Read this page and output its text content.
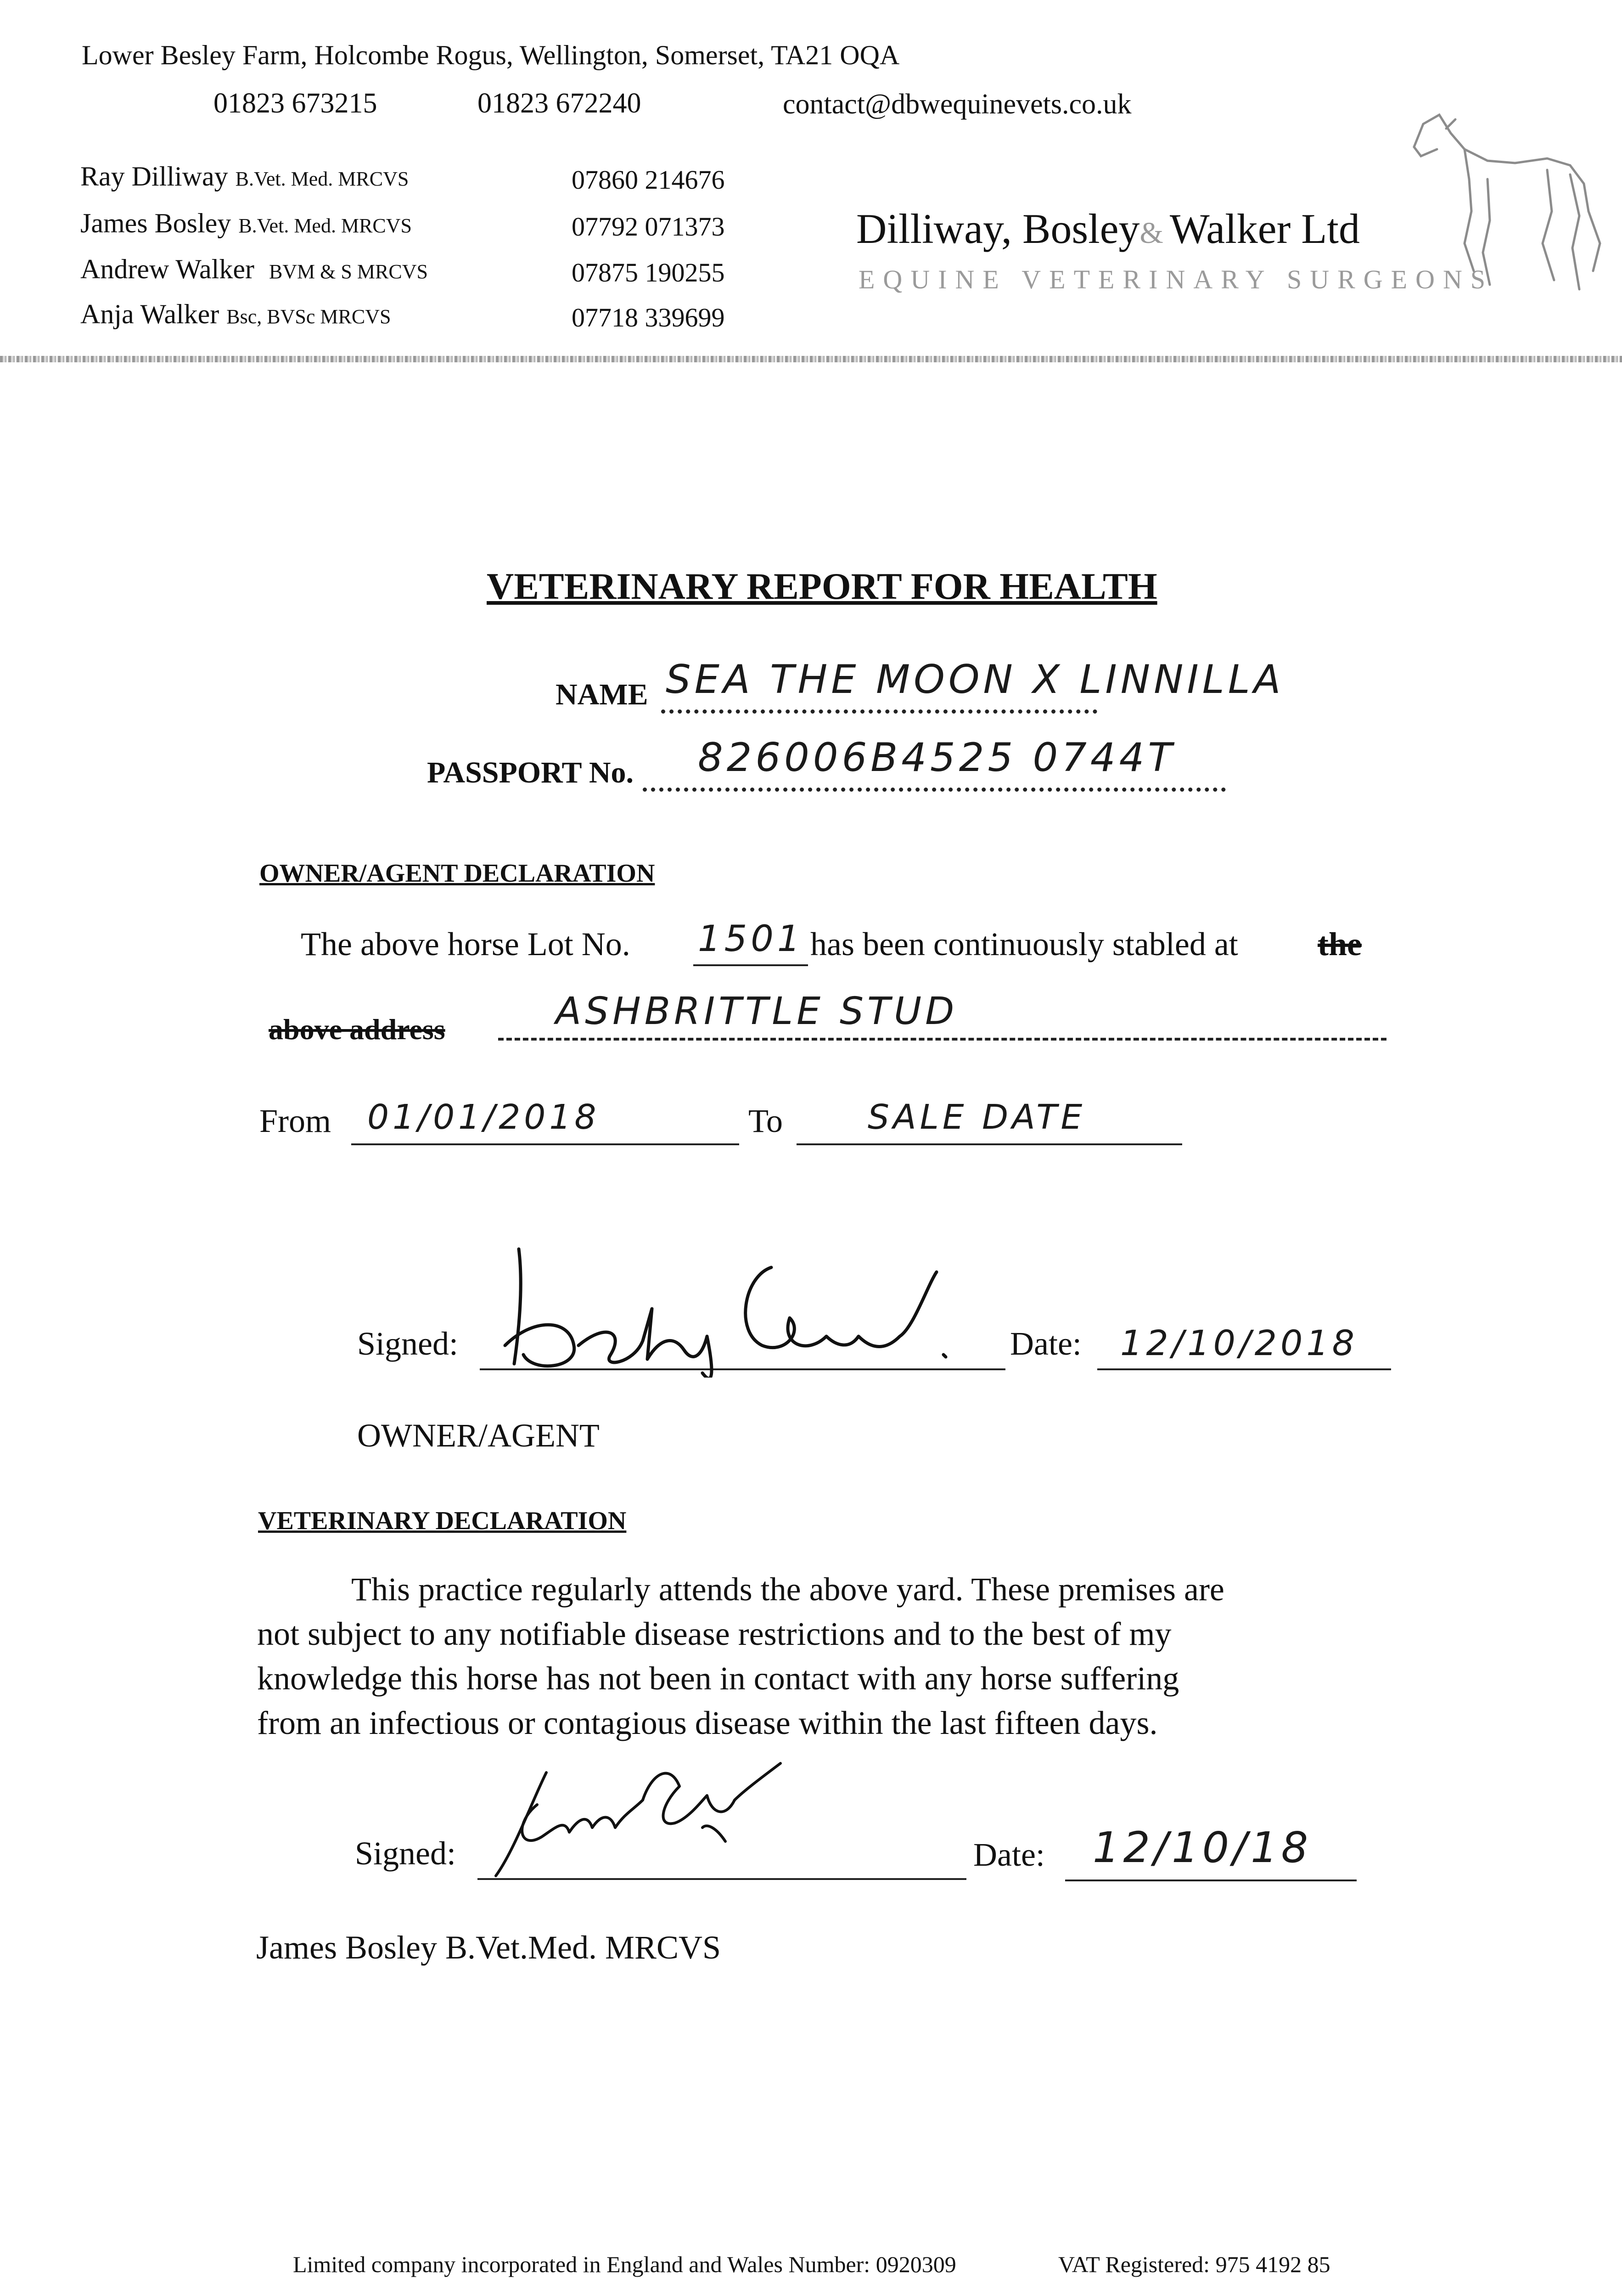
Lower Besley Farm, Holcombe Rogus, Wellington, Somerset, TA21 OQA
01823 673215	01823 672240	contact@dbwequinevets.co.uk
Ray Dilliway B.Vet. Med. MRCVS	07860 214676
James Bosley B.Vet. Med. MRCVS	07792 071373
Andrew Walker BVM & S MRCVS	07875 190255
Anja Walker Bsc, BVSc MRCVS	07718 339699
Dilliway, Bosley& Walker Ltd
EQUINE VETERINARY SURGEONS
VETERINARY REPORT FOR HEALTH
NAME SEA THE MOON X LINNILLA
PASSPORT No. 826006B4525 0744T
OWNER/AGENT DECLARATION
The above horse Lot No. 1501 has been continuously stabled at the
above address	ASHBRITTLE STUD
From 01/01/2018	To	SALE DATE
Signed:	Date: 12/10/2018
OWNER/AGENT
VETERINARY DECLARATION
This practice regularly attends the above yard. These premises are
not subject to any notifiable disease restrictions and to the best of my
knowledge this horse has not been in contact with any horse suffering
from an infectious or contagious disease within the last fifteen days.
Signed:	Date: 12/10/18
James Bosley B.Vet.Med. MRCVS
Limited company incorporated in England and Wales Number: 0920309	VAT Registered: 975 4192 85
